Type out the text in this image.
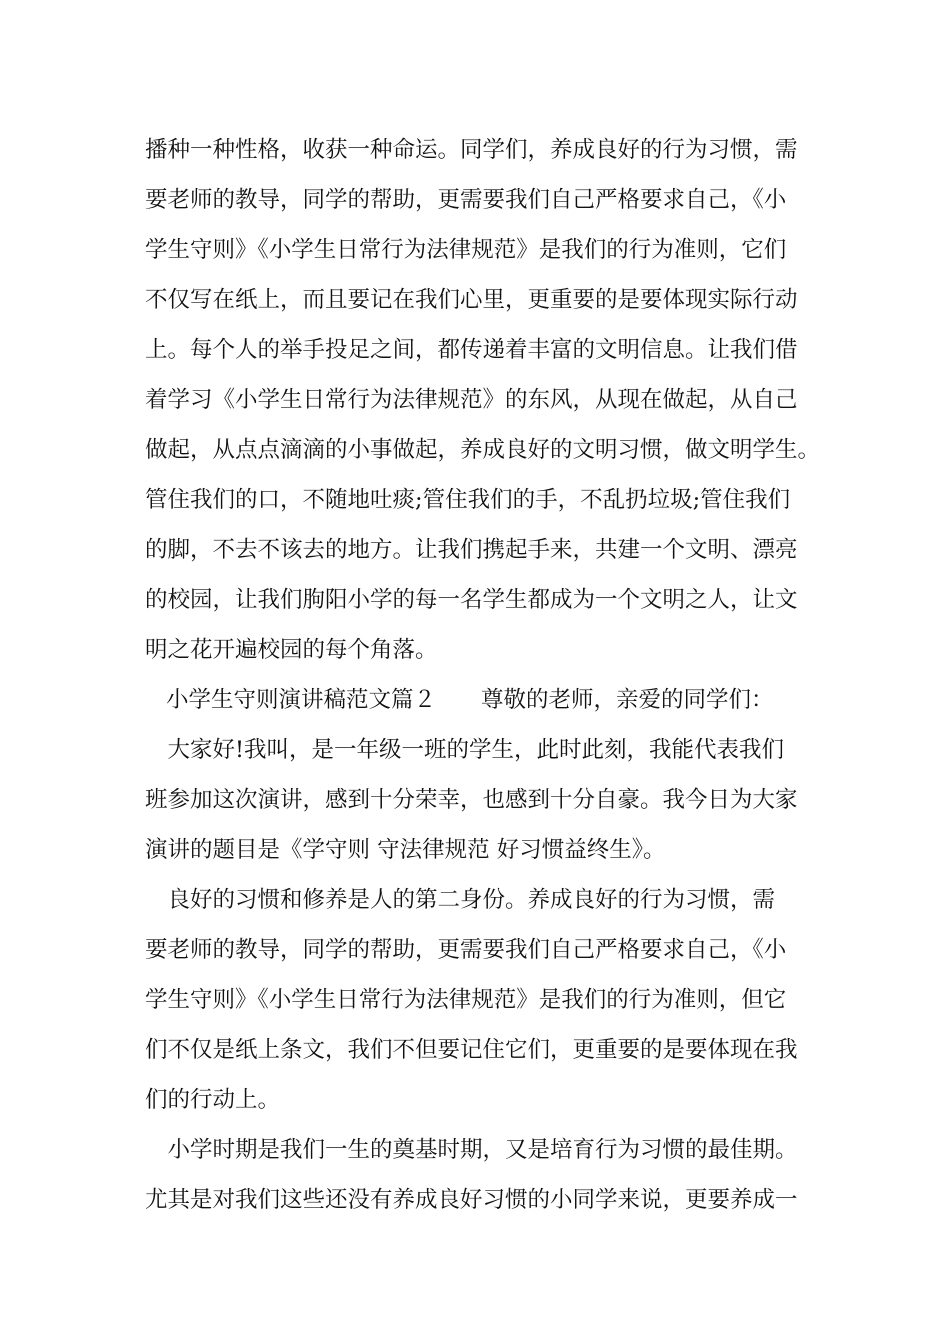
播种一种性格，收获一种命运。同学们，养成良好的行为习惯，需

要老师的教导，同学的帮助，更需要我们自己严格要求自己，《小

学生守则》《小学生日常行为法律规范》是我们的行为准则，它们

不仅写在纸上，而且要记在我们心里，更重要的是要体现实际行动

上。每个人的举手投足之间，都传递着丰富的文明信息。让我们借

着学习《小学生日常行为法律规范》的东风，从现在做起，从自己

做起，从点点滴滴的小事做起，养成良好的文明习惯，做文明学生。

管住我们的口，不随地吐痰;管住我们的手，不乱扔垃圾;管住我们

的脚，不去不该去的地方。让我们携起手来，共建一个文明、漂亮

的校园，让我们朐阳小学的每一名学生都成为一个文明之人，让文

明之花开遍校园的每个角落。

小学生守则演讲稿范文篇２　　尊敬的老师，亲爱的同学们：

　大家好!我叫，是一年级一班的学生，此时此刻，我能代表我们

班参加这次演讲，感到十分荣幸，也感到十分自豪。我今日为大家

演讲的题目是《学守则 守法律规范 好习惯益终生》。

　良好的习惯和修养是人的第二身份。养成良好的行为习惯，需

要老师的教导，同学的帮助，更需要我们自己严格要求自己，《小

学生守则》《小学生日常行为法律规范》是我们的行为准则，但它

们不仅是纸上条文，我们不但要记住它们，更重要的是要体现在我

们的行动上。

　小学时期是我们一生的奠基时期，又是培育行为习惯的最佳期。

尤其是对我们这些还没有养成良好习惯的小同学来说，更要养成一
